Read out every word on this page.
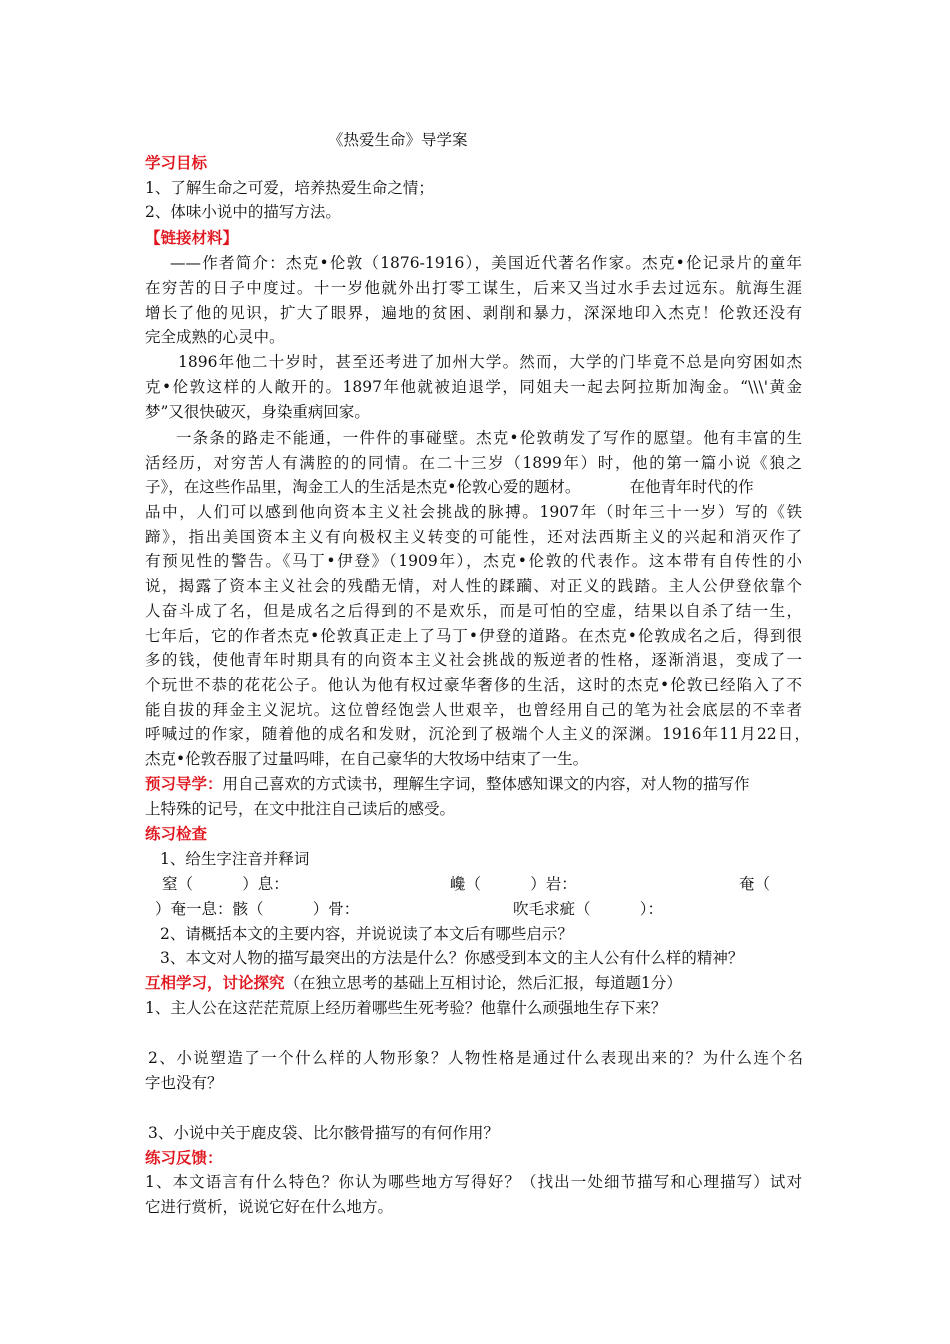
《热爱生命》导学案
学习目标
1、了解生命之可爱，培养热爱生命之情；
2、体味小说中的描写方法。
【链接材料】
——作者简介：杰克•伦敦（1876-1916），美国近代著名作家。杰克•伦记录片的童年
在穷苦的日子中度过。十一岁他就外出打零工谋生，后来又当过水手去过远东。航海生涯
增长了他的见识，扩大了眼界，遍地的贫困、剥削和暴力，深深地印入杰克！伦敦还没有
完全成熟的心灵中。
1896年他二十岁时，甚至还考进了加州大学。然而，大学的门毕竟不总是向穷困如杰
克•伦敦这样的人敞开的。1897年他就被迫退学，同姐夫一起去阿拉斯加淘金。“\\\'黄金
梦”又很快破灭，身染重病回家。
一条条的路走不能通，一件件的事碰壁。杰克•伦敦萌发了写作的愿望。他有丰富的生
活经历，对穷苦人有满腔的的同情。在二十三岁（1899年）时，他的第一篇小说《狼之
子》，在这些作品里，淘金工人的生活是杰克•伦敦心爱的题材。          在他青年时代的作
品中，人们可以感到他向资本主义社会挑战的脉搏。1907年（时年三十一岁）写的《铁
蹄》，指出美国资本主义有向极权主义转变的可能性，还对法西斯主义的兴起和消灭作了
有预见性的警告。《马丁•伊登》（1909年），杰克•伦敦的代表作。这本带有自传性的小
说，揭露了资本主义社会的残酷无情，对人性的蹂躏、对正义的践踏。主人公伊登依靠个
人奋斗成了名，但是成名之后得到的不是欢乐，而是可怕的空虚，结果以自杀了结一生，
七年后，它的作者杰克•伦敦真正走上了马丁•伊登的道路。在杰克•伦敦成名之后，得到很
多的钱，使他青年时期具有的向资本主义社会挑战的叛逆者的性格，逐渐消退，变成了一
个玩世不恭的花花公子。他认为他有权过豪华奢侈的生活，这时的杰克•伦敦已经陷入了不
能自拔的拜金主义泥坑。这位曾经饱尝人世艰辛，也曾经用自己的笔为社会底层的不幸者
呼喊过的作家，随着他的成名和发财，沉沦到了极端个人主义的深渊。1916年11月22日，
杰克•伦敦吞服了过量吗啡，在自己豪华的大牧场中结束了一生。
预习导学：用自己喜欢的方式读书，理解生字词，整体感知课文的内容，对人物的描写作
上特殊的记号，在文中批注自己读后的感受。
练习检查
1、给生字注音并释词
窒（          ）息：	巉（          ）岩：	奄（
）奄一息：骸（          ）骨：	吹毛求疵（          ）：
2、请概括本文的主要内容，并说说读了本文后有哪些启示？
3、本文对人物的描写最突出的方法是什么？你感受到本文的主人公有什么样的精神？
互相学习，讨论探究（在独立思考的基础上互相讨论，然后汇报，每道题1分）
1、主人公在这茫茫荒原上经历着哪些生死考验？他靠什么顽强地生存下来？
2、小说塑造了一个什么样的人物形象？人物性格是通过什么表现出来的？为什么连个名
字也没有？
3、小说中关于鹿皮袋、比尔骸骨描写的有何作用？
练习反馈：
1、本文语言有什么特色？你认为哪些地方写得好？（找出一处细节描写和心理描写）试对
它进行赏析，说说它好在什么地方。
